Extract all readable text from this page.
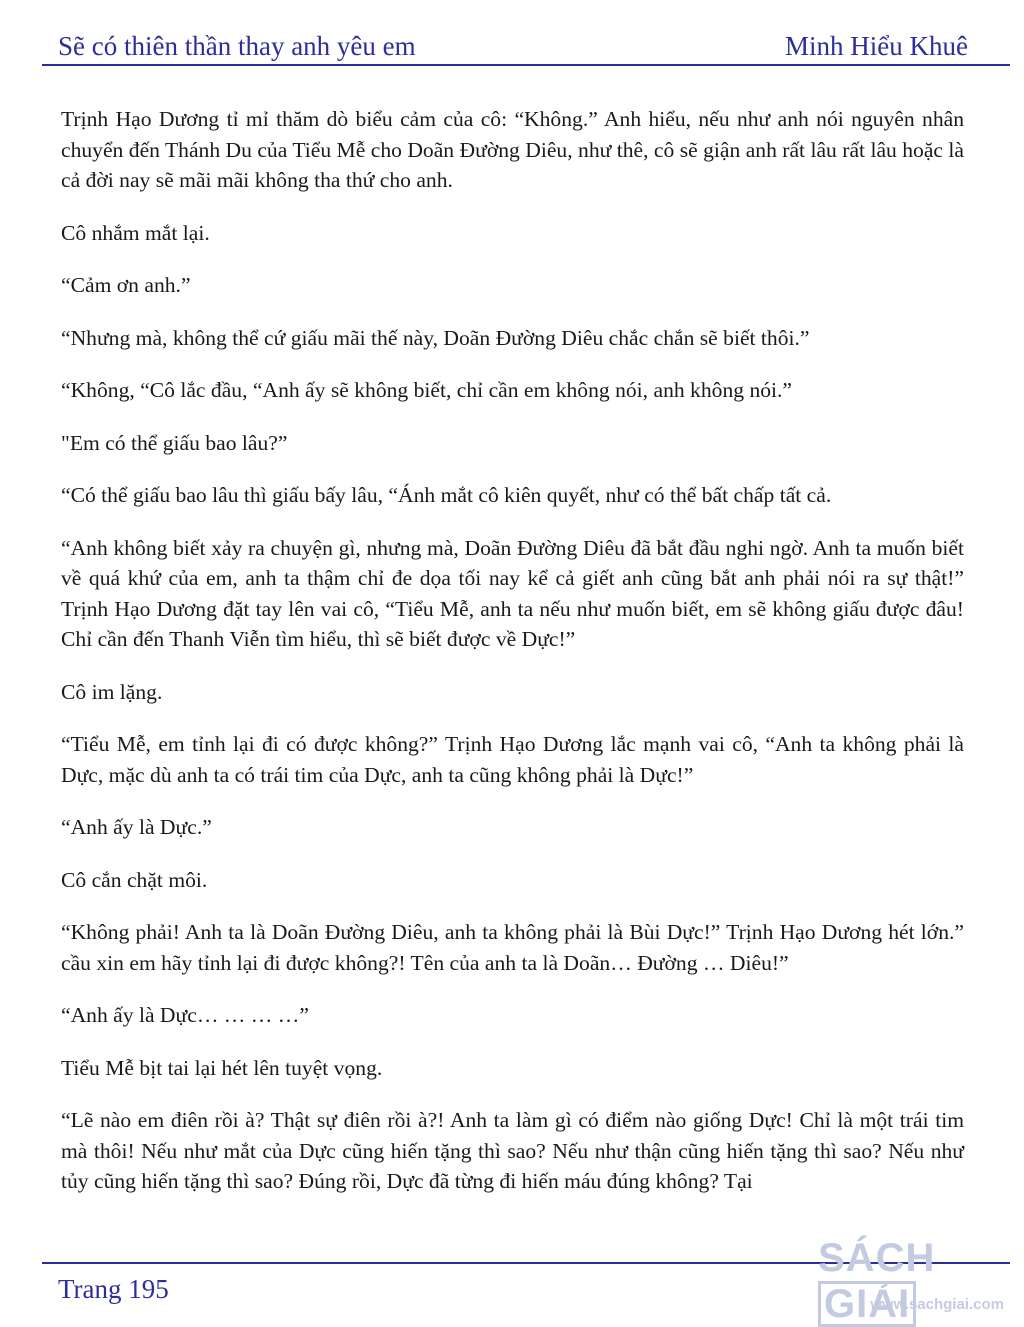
Sẽ có thiên thần thay anh yêu em	Minh Hiểu Khuê

Trịnh Hạo Dương tỉ mỉ thăm dò biểu cảm của cô: “Không.” Anh hiểu, nếu như anh nói nguyên nhân chuyển đến Thánh Du của Tiểu Mễ cho Doãn Đường Diêu, như thê, cô sẽ giận anh rất lâu rất lâu hoặc là cả đời nay sẽ mãi mãi không tha thứ cho anh.

Cô nhắm mắt lại.

“Cảm ơn anh.”

“Nhưng mà, không thể cứ giấu mãi thế này, Doãn Đường Diêu chắc chắn sẽ biết thôi.”

“Không, “Cô lắc đầu, “Anh ấy sẽ không biết, chỉ cần em không nói, anh không nói.”

"Em có thể giấu bao lâu?”

“Có thể giấu bao lâu thì giấu bấy lâu, “Ánh mắt cô kiên quyết, như có thể bất chấp tất cả.

“Anh không biết xảy ra chuyện gì, nhưng mà, Doãn Đường Diêu đã bắt đầu nghi ngờ. Anh ta muốn biết về quá khứ của em, anh ta thậm chỉ đe dọa tối nay kể cả giết anh cũng bắt anh phải nói ra sự thật!” Trịnh Hạo Dương đặt tay lên vai cô, “Tiểu Mễ, anh ta nếu như muốn biết, em sẽ không giấu được đâu! Chỉ cần đến Thanh Viễn tìm hiểu, thì sẽ biết được về Dực!”

Cô im lặng.

“Tiểu Mễ, em tỉnh lại đi có được không?” Trịnh Hạo Dương lắc mạnh vai cô, “Anh ta không phải là Dực, mặc dù anh ta có trái tim của Dực, anh ta cũng không phải là Dực!”

“Anh ấy là Dực.”

Cô cắn chặt môi.

“Không phải! Anh ta là Doãn Đường Diêu, anh ta không phải là Bùi Dực!” Trịnh Hạo Dương hét lớn.” cầu xin em hãy tỉnh lại đi được không?! Tên của anh ta là Doãn… Đường … Diêu!”

“Anh ấy là Dực… … … …”

Tiểu Mễ bịt tai lại hét lên tuyệt vọng.

“Lẽ nào em điên rồi à? Thật sự điên rồi à?! Anh ta làm gì có điểm nào giống Dực! Chỉ là một trái tim mà thôi! Nếu như mắt của Dực cũng hiến tặng thì sao? Nếu như thận cũng hiến tặng thì sao? Nếu như tủy cũng hiến tặng thì sao? Đúng rồi, Dực đã từng đi hiến máu đúng không? Tại

Trang 195
SÁCHGIẢI
www.sachgiai.com
